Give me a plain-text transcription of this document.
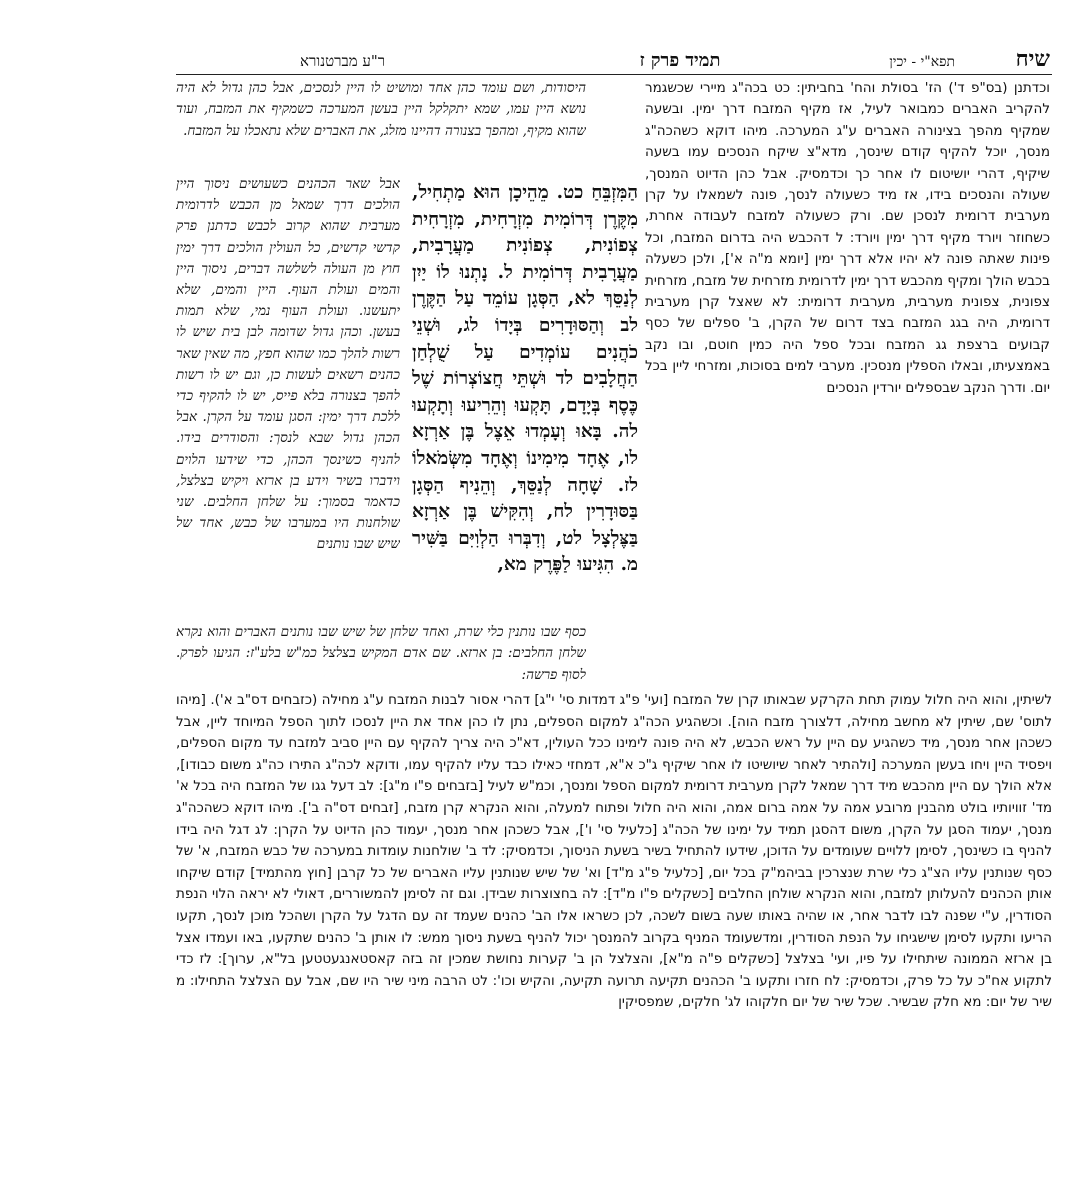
שיח
תפא"י - יכין
תמיד פרק ז
ר"ע מברטנורא
וכדתנן (בס"פ ד') הז' בסולת והח' בחביתין: כט בכה"ג מיירי שכשגמר להקריב האברים כמבואר לעיל, אז מקיף המזבח דרך ימין. ובשעה שמקיף מהפך בצינורה האברים ע"ג המערכה. מיהו דוקא כשהכה"ג מנסך, יוכל להקיף קודם שינסך, מדא"צ שיקח הנסכים עמו בשעה שיקיף, דהרי יושיטום לו אחר כך וכדמסיק. אבל כהן הדיוט המנסך, שעולה והנסכים בידו, אז מיד כשעולה לנסך, פונה לשמאלו על קרן מערבית דרומית לנסכן שם. ורק כשעולה למזבח לעבודה אחרת, כשחוזר ויורד מקיף דרך ימין ויורד: ל דהכבש היה בדרום המזבח, וכל פינות שאתה פונה לא יהיו אלא דרך ימין [יומא מ"ה א'], ולכן כשעלה בכבש הולך ומקיף מהכבש דרך ימין לדרומית מזרחית של מזבח, מזרחית צפונית, צפונית מערבית, מערבית דרומית: לא שאצל קרן מערבית דרומית, היה בגג המזבח בצד דרום של הקרן, ב' ספלים של כסף קבועים ברצפת גג המזבח ובכל ספל היה כמין חוטם, ובו נקב באמצעיתו, ובאלו הספלין מנסכין. מערבי למים בסוכות, ומזרחי ליין בכל יום. ודרך הנקב שבספלים יורדין הנסכים
היסודות, ושם עומד כהן אחד ומושיט לו היין לנסכים, אבל כהן גדול לא היה נושא היין עמו, שמא יתקלקל היין בעשן המערכה כשמקיף את המזבח, ועוד שהוא מקיף, ומהפך בצנורה דהיינו מזלג, את האברים שלא נתאכלו על המזבח.
אבל שאר הכהנים כשעושים ניסוך היין הולכים דרך שמאל מן הכבש לדרומית מערבית שהוא קרוב לכבש כדתנן פרק קדשי קדשים, כל העולין הולכים דרך ימין חוץ מן העולה לשלשה דברים, ניסוך היין והמים ועולת העוף. היין והמים, שלא יתעשנו. ועולת העוף נמי, שלא תמות בעשן. וכהן גדול שדומה לבן בית שיש לו רשות להלך כמו שהוא חפץ, מה שאין שאר כהנים רשאים לעשות כן, וגם יש לו רשות להפך בצנורה בלא פייס, יש לו להקיף כדי ללכת דרך ימין: הסגן עומד על הקרן. אבל הכהן גדול שבא לנסך: והסודרים בידו. להניף כשינסך הכהן, כדי שידעו הלוים וידברו בשיר וידע בן ארזא ויקיש בצלצל, כדאמר בסמוך: על שלחן החלבים. שני שולחנות היו במערבו של כבש, אחד של שיש שבו נותנים
הַמִּזְבֵּחַ כט. מֵהֵיכָן הוּא מַתְחִיל, מִקֶּרֶן דְּרוֹמִית מִזְרָחִית, מִזְרָחִית צְפוֹנִית, צְפוֹנִית מַעֲרָבִית, מַעֲרָבִית דְּרוֹמִית ל. נָתְנוּ לוֹ יַיִן לְנַסֵּךְ לא, הַסְּגָן עוֹמֵד עַל הַקֶּרֶן לב וְהַסּוּדָרִים בְּיָדוֹ לג, וּשְׁנֵי כֹהֲנִים עוֹמְדִים עַל שֻׁלְחַן הַחֲלָבִים לד וּשְׁתֵּי חֲצוֹצְרוֹת שֶׁל כֶּסֶף בְּיָדָם, תָּקְעוּ וְהֵרִיעוּ וְתָקְעוּ לה. בָּאוּ וְעָמְדוּ אֵצֶל בֶּן אַרְזָא לו, אֶחָד מִימִינוֹ וְאֶחָד מִשְּׂמֹאלוֹ לז. שָׁחָה לְנַסֵּךְ, וְהֵנִיף הַסְּגָן בַּסּוּדָרִין לח, וְהִקִּישׁ בֶּן אַרְזָא בַּצֶּלְצָל לט, וְדִבְּרוּ הַלְוִיִּם בַּשִּׁיר מ. הִגִּיעוּ לַפֶּרֶק מא,
כסף שבו נותנין כלי שרת, ואחד שלחן של שיש שבו נותנים האברים והוא נקרא שלחן החלבים: בן ארזא. שם אדם המקיש בצלצל כמ"ש בלע"ז: הגיעו לפרק. לסוף פרשה:
לשיתין, והוא היה חלול עמוק תחת הקרקע שבאותו קרן של המזבח [ועי' פ"ג דמדות סי' י"ג] דהרי אסור לבנות המזבח ע"ג מחילה (כזבחים דס"ב א'). [מיהו לתוס' שם, שיתין לא מחשב מחילה, דלצורך מזבח הוה]. וכשהגיע הכה"ג למקום הספלים, נתן לו כהן אחד את היין לנסכו לתוך הספל המיוחד ליין, אבל כשכהן אחר מנסך, מיד כשהגיע עם היין על ראש הכבש, לא היה פונה לימינו ככל העולין, דא"כ היה צריך להקיף עם היין סביב למזבח עד מקום הספלים, ויפסיד היין ויחו בעשן המערכה [ולהתיר לאחר שיושיטו לו אחר שיקיף ג"כ א"א, דמחזי כאילו כבד עליו להקיף עמו, ודוקא לכה"ג התירו כה"ג משום כבודו], אלא הולך עם היין מהכבש מיד דרך שמאל לקרן מערבית דרומית למקום הספל ומנסך, וכמ"ש לעיל [בזבחים פ"ו מ"ג]: לב דעל גגו של המזבח היה בכל א' מד' זוויותיו בולט מהבנין מרובע אמה על אמה ברום אמה, והוא היה חלול ופתוח למעלה, והוא הנקרא קרן מזבח, [זבחים דס"ה ב']. מיהו דוקא כשהכה"ג מנסך, יעמוד הסגן על הקרן, משום דהסגן תמיד על ימינו של הכה"ג [כלעיל סי' ו'], אבל כשכהן אחר מנסך, יעמוד כהן הדיוט על הקרן: לג דגל היה בידו להניף בו כשינסך, לסימן ללויים שעומדים על הדוכן, שידעו להתחיל בשיר בשעת הניסוך, וכדמסיק: לד ב' שולחנות עומדות במערכה של כבש המזבח, א' של כסף שנותנין עליו הצ"ג כלי שרת שנצרכין בביהמ"ק בכל יום, [כלעיל פ"ג מ"ד] וא' של שיש שנותנין עליו האברים של כל קרבן [חוץ מהתמיד] קודם שיקחו אותן הכהנים להעלותן למזבח, והוא הנקרא שולחן החלבים [כשקלים פ"ו מ"ד]: לה בחצוצרות שבידן. וגם זה לסימן להמשוררים, דאולי לא יראה הלוי הנפת הסודרין, ע"י שפנה לבו לדבר אחר, או שהיה באותו שעה בשום לשכה, לכן כשראו אלו הב' כהנים שעמד זה עם הדגל על הקרן ושהכל מוכן לנסך, תקעו הריעו ותקעו לסימן שישגיחו על הנפת הסודרין, ומדשעומד המניף בקרוב להמנסך יכול להניף בשעת ניסוך ממש: לו אותן ב' כהנים שתקעו, באו ועמדו אצל בן ארזא הממונה שיתחילו על פיו, ועי' בצלצל [כשקלים פ"ה מ"א], והצלצל הן ב' קערות נחושת שמכין זה בזה קאסטאנגעטטען בל"א, ערוך]: לז כדי לתקוע אח"כ על כל פרק, וכדמסיק: לח חזרו ותקעו ב' הכהנים תקיעה תרועה תקיעה, והקיש וכו': לט הרבה מיני שיר היו שם, אבל עם הצלצל התחילו: מ שיר של יום: מא חלק שבשיר. שכל שיר של יום חלקוהו לג' חלקים, שמפסיקין
